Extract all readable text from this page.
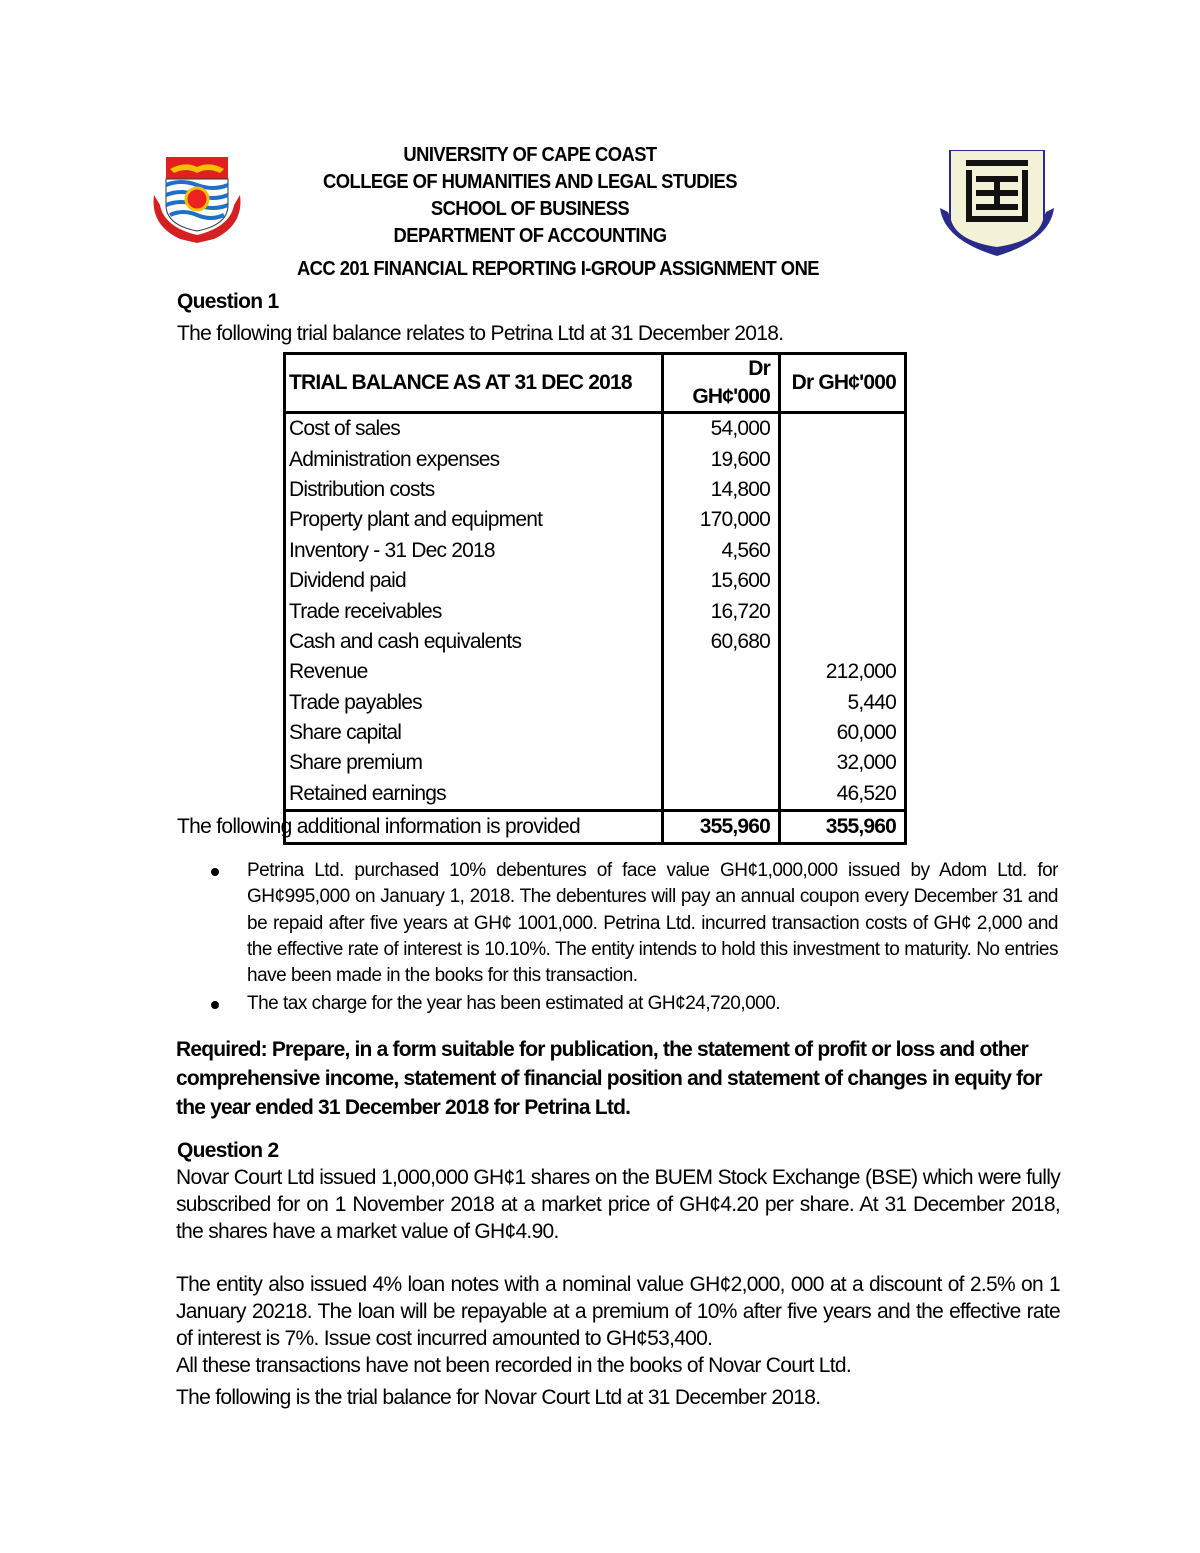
UNIVERSITY OF CAPE COAST
COLLEGE OF HUMANITIES AND LEGAL STUDIES
SCHOOL OF BUSINESS
DEPARTMENT OF ACCOUNTING
ACC 201 FINANCIAL REPORTING I-GROUP ASSIGNMENT ONE
Question 1
The following trial balance relates to Petrina Ltd at 31 December 2018.
TRIAL BALANCE AS AT 31 DEC 2018	Dr GH¢'000	Dr GH¢'000
Cost of sales	54,000	
Administration expenses	19,600	
Distribution costs	14,800	
Property plant and equipment	170,000	
Inventory - 31 Dec 2018	4,560	
Dividend paid	15,600	
Trade receivables	16,720	
Cash and cash equivalents	60,680	
Revenue		212,000
Trade payables		5,440
Share capital		60,000
Share premium		32,000
Retained earnings		46,520
	355,960	355,960
The following additional information is provided
Petrina Ltd. purchased 10% debentures of face value GH¢1,000,000 issued by Adom Ltd. for GH¢995,000 on January 1, 2018. The debentures will pay an annual coupon every December 31 and be repaid after five years at GH¢ 1001,000. Petrina Ltd. incurred transaction costs of GH¢ 2,000 and the effective rate of interest is 10.10%. The entity intends to hold this investment to maturity. No entries have been made in the books for this transaction.
The tax charge for the year has been estimated at GH¢24,720,000.
Required: Prepare, in a form suitable for publication, the statement of profit or loss and other comprehensive income, statement of financial position and statement of changes in equity for the year ended 31 December 2018 for Petrina Ltd.
Question 2
Novar Court Ltd issued 1,000,000 GH¢1 shares on the BUEM Stock Exchange (BSE) which were fully subscribed for on 1 November 2018 at a market price of GH¢4.20 per share. At 31 December 2018, the shares have a market value of GH¢4.90.
The entity also issued 4% loan notes with a nominal value GH¢2,000, 000 at a discount of 2.5% on 1 January 20218. The loan will be repayable at a premium of 10% after five years and the effective rate of interest is 7%. Issue cost incurred amounted to GH¢53,400.
All these transactions have not been recorded in the books of Novar Court Ltd.
The following is the trial balance for Novar Court Ltd at 31 December 2018.
